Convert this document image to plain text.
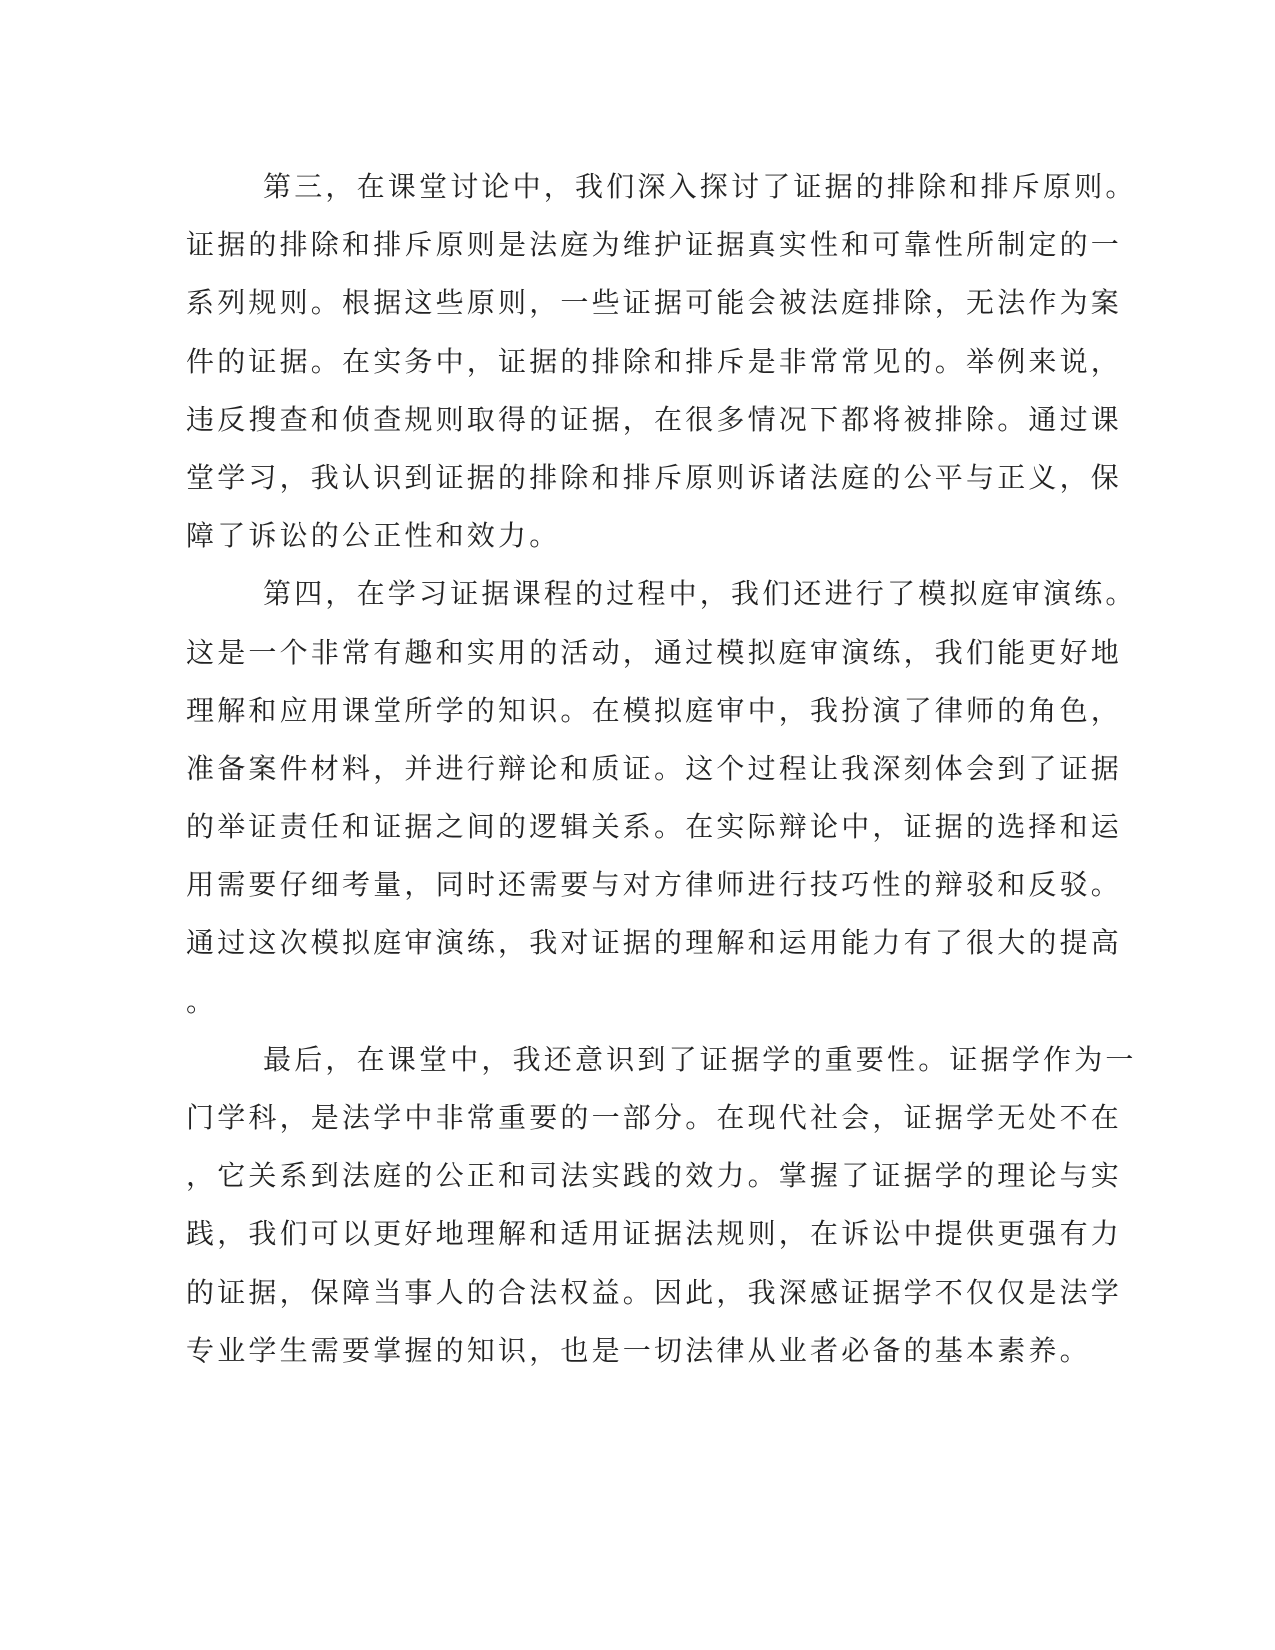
第三，在课堂讨论中，我们深入探讨了证据的排除和排斥原则。
证据的排除和排斥原则是法庭为维护证据真实性和可靠性所制定的一
系列规则。根据这些原则，一些证据可能会被法庭排除，无法作为案
件的证据。在实务中，证据的排除和排斥是非常常见的。举例来说，
违反搜查和侦查规则取得的证据，在很多情况下都将被排除。通过课
堂学习，我认识到证据的排除和排斥原则诉诸法庭的公平与正义，保
障了诉讼的公正性和效力。
第四，在学习证据课程的过程中，我们还进行了模拟庭审演练。
这是一个非常有趣和实用的活动，通过模拟庭审演练，我们能更好地
理解和应用课堂所学的知识。在模拟庭审中，我扮演了律师的角色，
准备案件材料，并进行辩论和质证。这个过程让我深刻体会到了证据
的举证责任和证据之间的逻辑关系。在实际辩论中，证据的选择和运
用需要仔细考量，同时还需要与对方律师进行技巧性的辩驳和反驳。
通过这次模拟庭审演练，我对证据的理解和运用能力有了很大的提高
。
最后，在课堂中，我还意识到了证据学的重要性。证据学作为一
门学科，是法学中非常重要的一部分。在现代社会，证据学无处不在
，它关系到法庭的公正和司法实践的效力。掌握了证据学的理论与实
践，我们可以更好地理解和适用证据法规则，在诉讼中提供更强有力
的证据，保障当事人的合法权益。因此，我深感证据学不仅仅是法学
专业学生需要掌握的知识，也是一切法律从业者必备的基本素养。
